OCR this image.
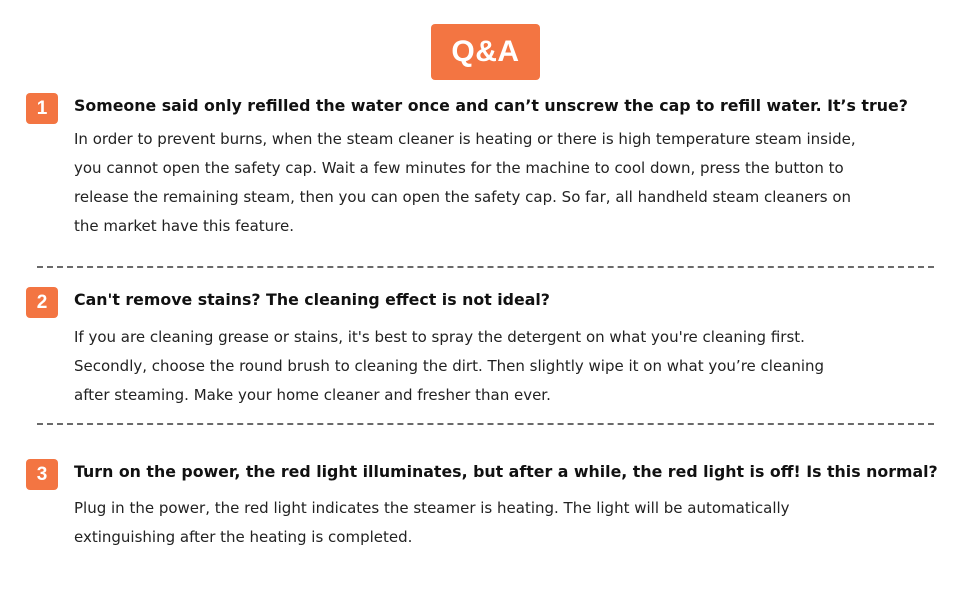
Q&A
1	Someone said only refilled the water once and can’t unscrew the cap to refill water. It’s true?

In order to prevent burns, when the steam cleaner is heating or there is high temperature steam inside,

you cannot open the safety cap. Wait a few minutes for the machine to cool down, press the button to

release the remaining steam, then you can open the safety cap. So far, all handheld steam cleaners on

the market have this feature.

2	Can't remove stains? The cleaning effect is not ideal?

If you are cleaning grease or stains, it's best to spray the detergent on what you're cleaning first.

Secondly, choose the round brush to cleaning the dirt. Then slightly wipe it on what you’re cleaning

after steaming. Make your home cleaner and fresher than ever.

3	Turn on the power, the red light illuminates, but after a while, the red light is off! Is this normal?

Plug in the power, the red light indicates the steamer is heating. The light will be automatically

extinguishing after the heating is completed.
